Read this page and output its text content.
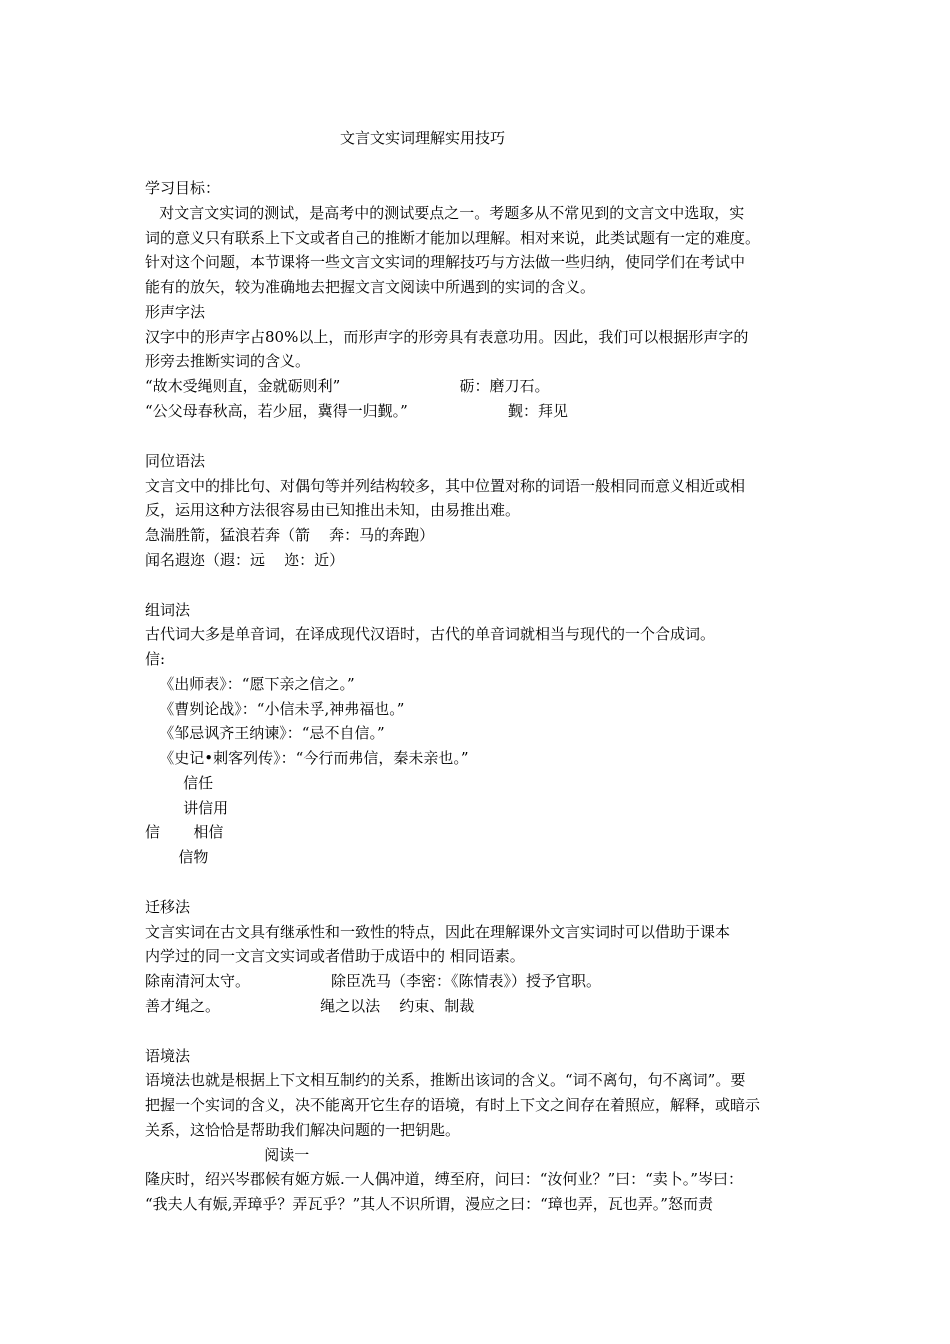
文言文实词理解实用技巧
学习目标：
对文言文实词的测试，是高考中的测试要点之一。考题多从不常见到的文言文中选取，实
词的意义只有联系上下文或者自己的推断才能加以理解。相对来说，此类试题有一定的难度。
针对这个问题，本节课将一些文言文实词的理解技巧与方法做一些归纳，使同学们在考试中
能有的放矢，较为准确地去把握文言文阅读中所遇到的实词的含义。
形声字法
汉字中的形声字占80%以上，而形声字的形旁具有表意功用。因此，我们可以根据形声字的
形旁去推断实词的含义。
“故木受绳则直，金就砺则利”                         砺：磨刀石。
“公父母春秋高，若少屈，冀得一归觐。”                     觐：拜见
同位语法
文言文中的排比句、对偶句等并列结构较多，其中位置对称的词语一般相同而意义相近或相
反，运用这种方法很容易由已知推出未知，由易推出难。
急湍胜箭，猛浪若奔（箭    奔：马的奔跑）
闻名遐迩（遐：远    迩：近）
组词法
古代词大多是单音词，在译成现代汉语时，古代的单音词就相当与现代的一个合成词。
信:
《出师表》：“愿下亲之信之。”
《曹刿论战》：“小信未孚,神弗福也。”
《邹忌讽齐王纳谏》：“忌不自信。”
《史记•刺客列传》：“今行而弗信，秦未亲也。”
信任
讲信用
信       相信
信物
迁移法
文言实词在古文具有继承性和一致性的特点，因此在理解课外文言实词时可以借助于课本
内学过的同一文言文实词或者借助于成语中的 相同语素。
除南清河太守。                 除臣冼马（李密：《陈情表》）授予官职。
善才绳之。                     绳之以法    约束、制裁
语境法
语境法也就是根据上下文相互制约的关系，推断出该词的含义。“词不离句，句不离词”。要
把握一个实词的含义，决不能离开它生存的语境，有时上下文之间存在着照应，解释，或暗示
关系，这恰恰是帮助我们解决问题的一把钥匙。
阅读一
隆庆时，绍兴岑郡候有姬方娠.一人偶冲道，缚至府，问曰：“汝何业？”曰：“卖卜。”岑曰：
“我夫人有娠,弄璋乎？弄瓦乎？”其人不识所谓，漫应之曰：“璋也弄，瓦也弄。”怒而责
